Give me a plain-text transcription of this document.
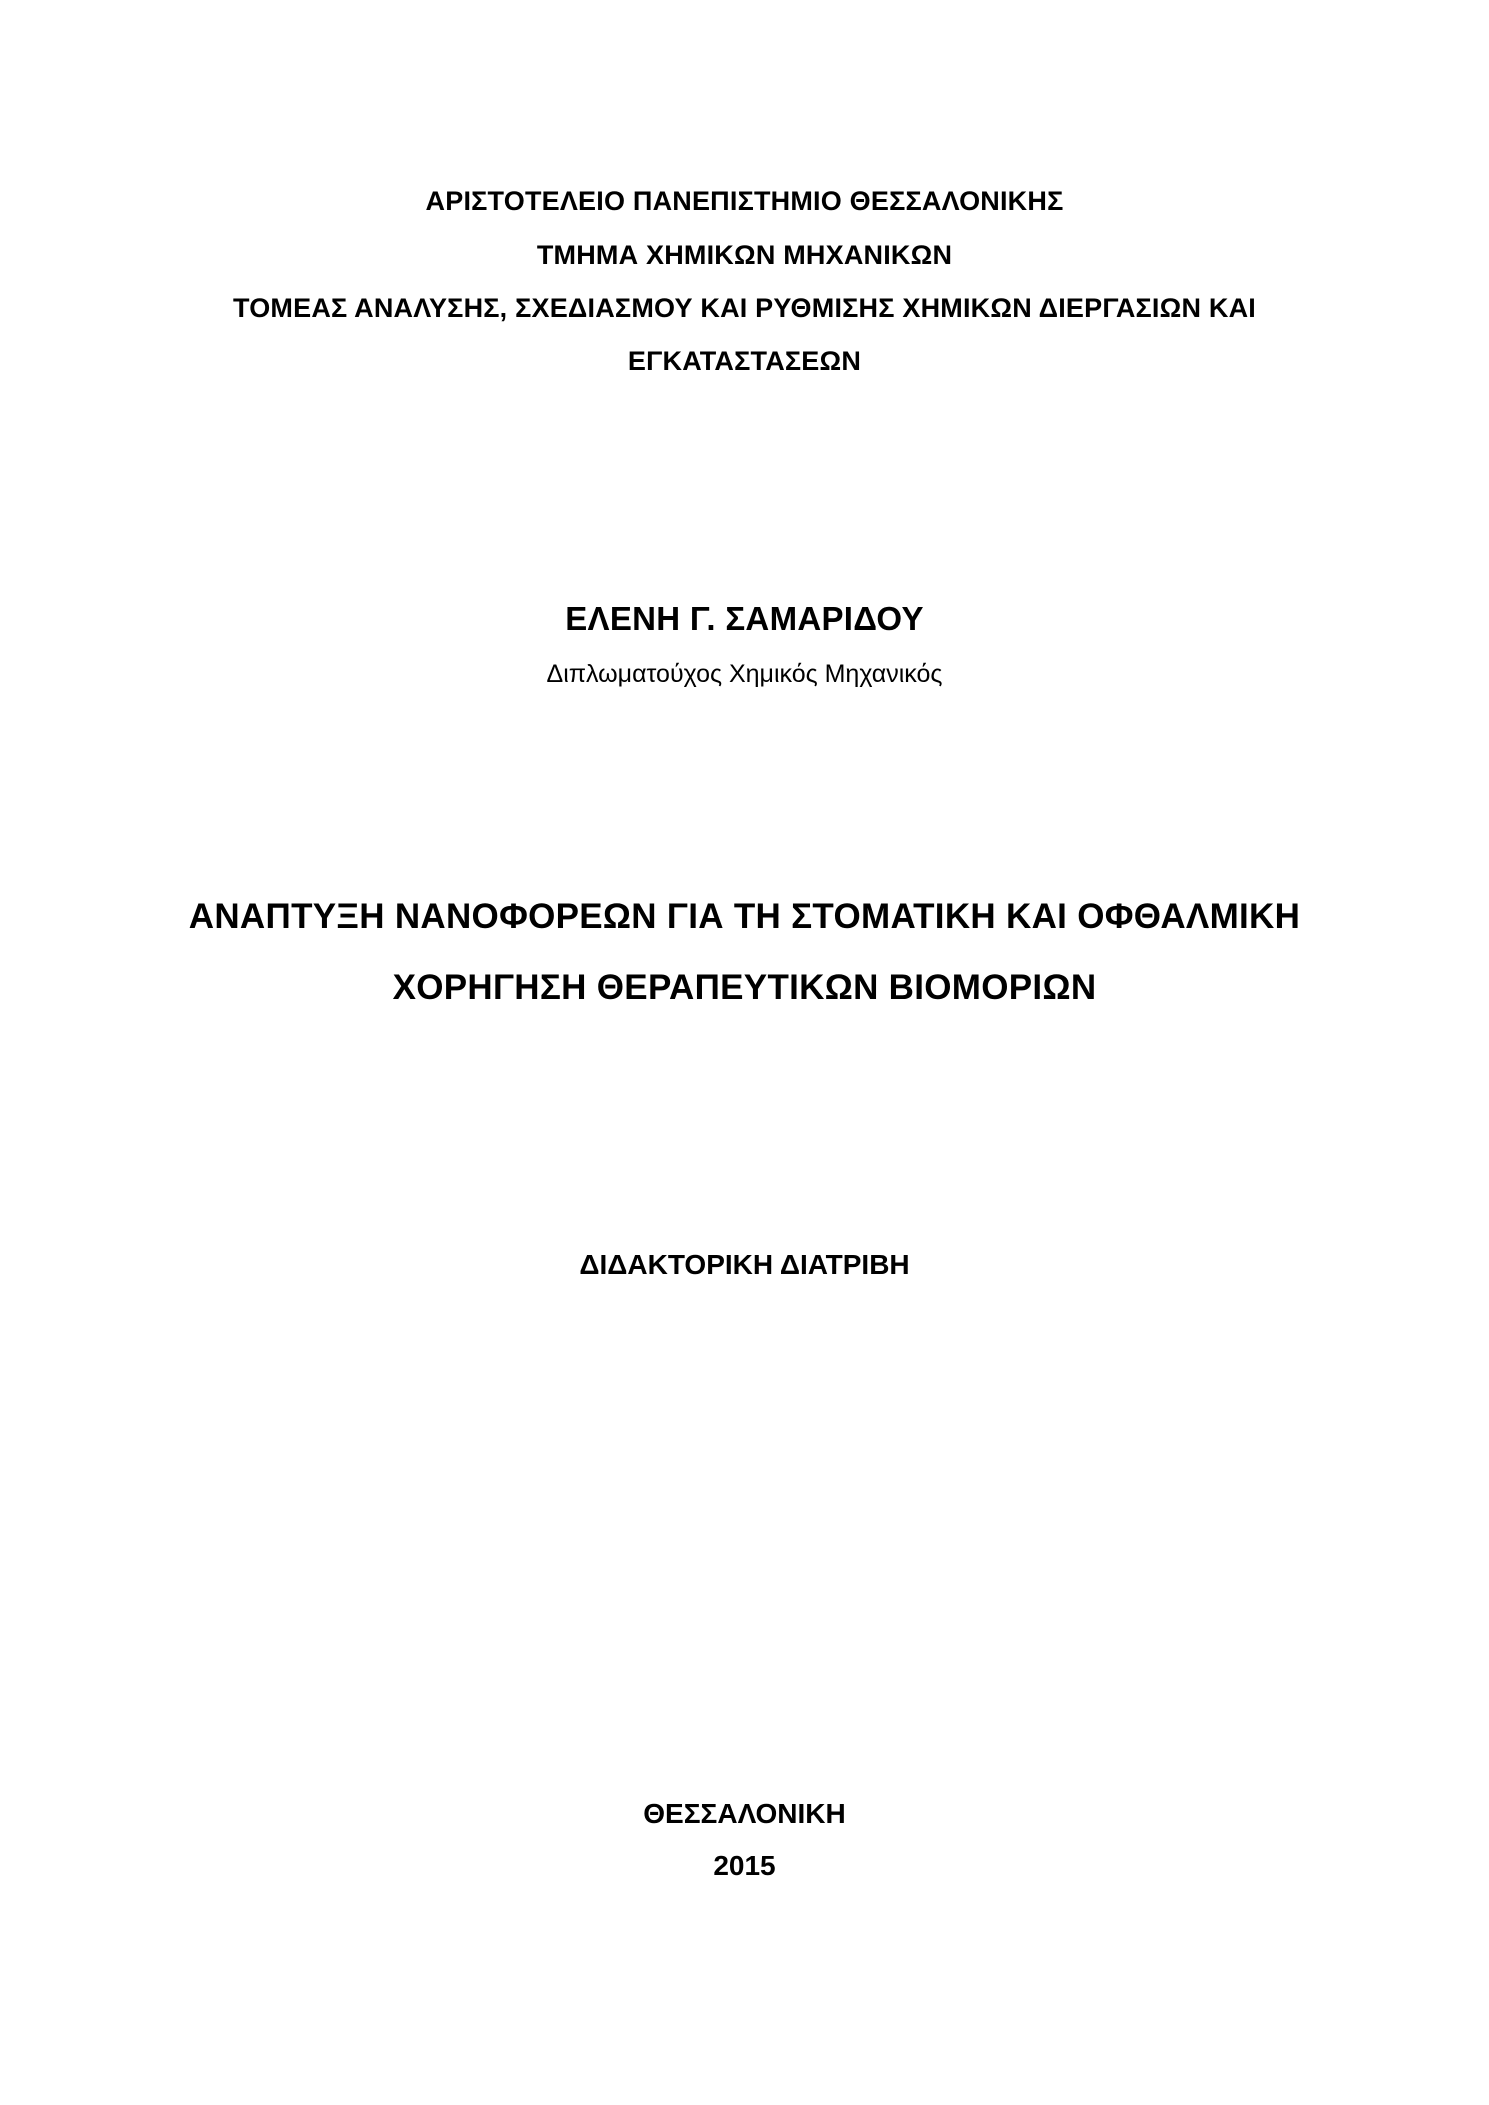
ΑΡΙΣΤΟΤΕΛΕΙΟ ΠΑΝΕΠΙΣΤΗΜΙΟ ΘΕΣΣΑΛΟΝΙΚΗΣ
ΤΜΗΜΑ ΧΗΜΙΚΩΝ ΜΗΧΑΝΙΚΩΝ
ΤΟΜΕΑΣ ΑΝΑΛΥΣΗΣ, ΣΧΕΔΙΑΣΜΟΥ ΚΑΙ ΡΥΘΜΙΣΗΣ ΧΗΜΙΚΩΝ ΔΙΕΡΓΑΣΙΩΝ ΚΑΙ
ΕΓΚΑΤΑΣΤΑΣΕΩΝ
ΕΛΕΝΗ Γ. ΣΑΜΑΡΙΔΟΥ
Διπλωματούχος Χημικός Μηχανικός
ΑΝΑΠΤΥΞΗ ΝΑΝΟΦΟΡΕΩΝ ΓΙΑ ΤΗ ΣΤΟΜΑΤΙΚΗ ΚΑΙ ΟΦΘΑΛΜΙΚΗ
ΧΟΡΗΓΗΣΗ ΘΕΡΑΠΕΥΤΙΚΩΝ ΒΙΟΜΟΡΙΩΝ
ΔΙΔΑΚΤΟΡΙΚΗ ΔΙΑΤΡΙΒΗ
ΘΕΣΣΑΛΟΝΙΚΗ
2015
